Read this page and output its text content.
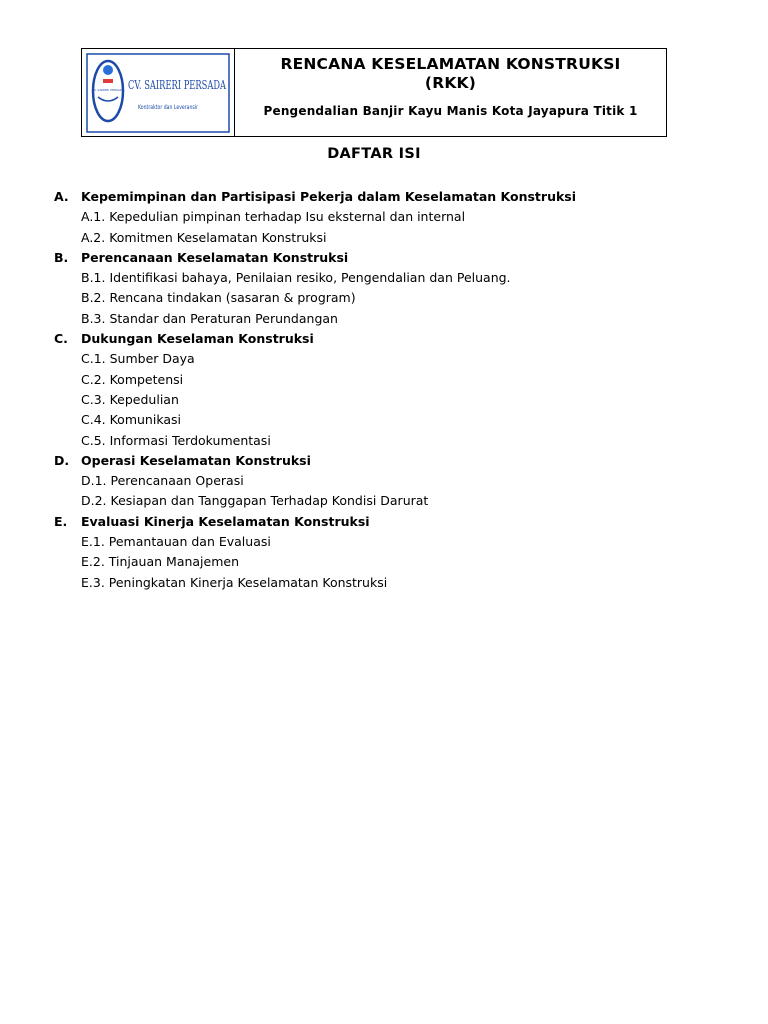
CV. SAIRERI PERSADA CV. SAIRERI PERSADA
Kontraktor dan Leveransir
RENCANA KESELAMATAN KONSTRUKSI
(RKK)
Pengendalian Banjir Kayu Manis Kota Jayapura Titik 1
DAFTAR ISI
A. Kepemimpinan dan Partisipasi Pekerja dalam Keselamatan Konstruksi
A.1. Kepedulian pimpinan terhadap Isu eksternal dan internal
A.2. Komitmen Keselamatan Konstruksi
B.	Perencanaan Keselamatan Konstruksi
B.1. Identifikasi bahaya, Penilaian resiko, Pengendalian dan Peluang.
B.2. Rencana tindakan (sasaran & program)
B.3. Standar dan Peraturan Perundangan
C.	Dukungan Keselaman Konstruksi
C.1. Sumber Daya
C.2. Kompetensi
C.3. Kepedulian
C.4. Komunikasi
C.5. Informasi Terdokumentasi
D. Operasi Keselamatan Konstruksi
D.1. Perencanaan Operasi
D.2. Kesiapan dan Tanggapan Terhadap Kondisi Darurat
E.	Evaluasi Kinerja Keselamatan Konstruksi
E.1. Pemantauan dan Evaluasi
E.2. Tinjauan Manajemen
E.3. Peningkatan Kinerja Keselamatan Konstruksi
